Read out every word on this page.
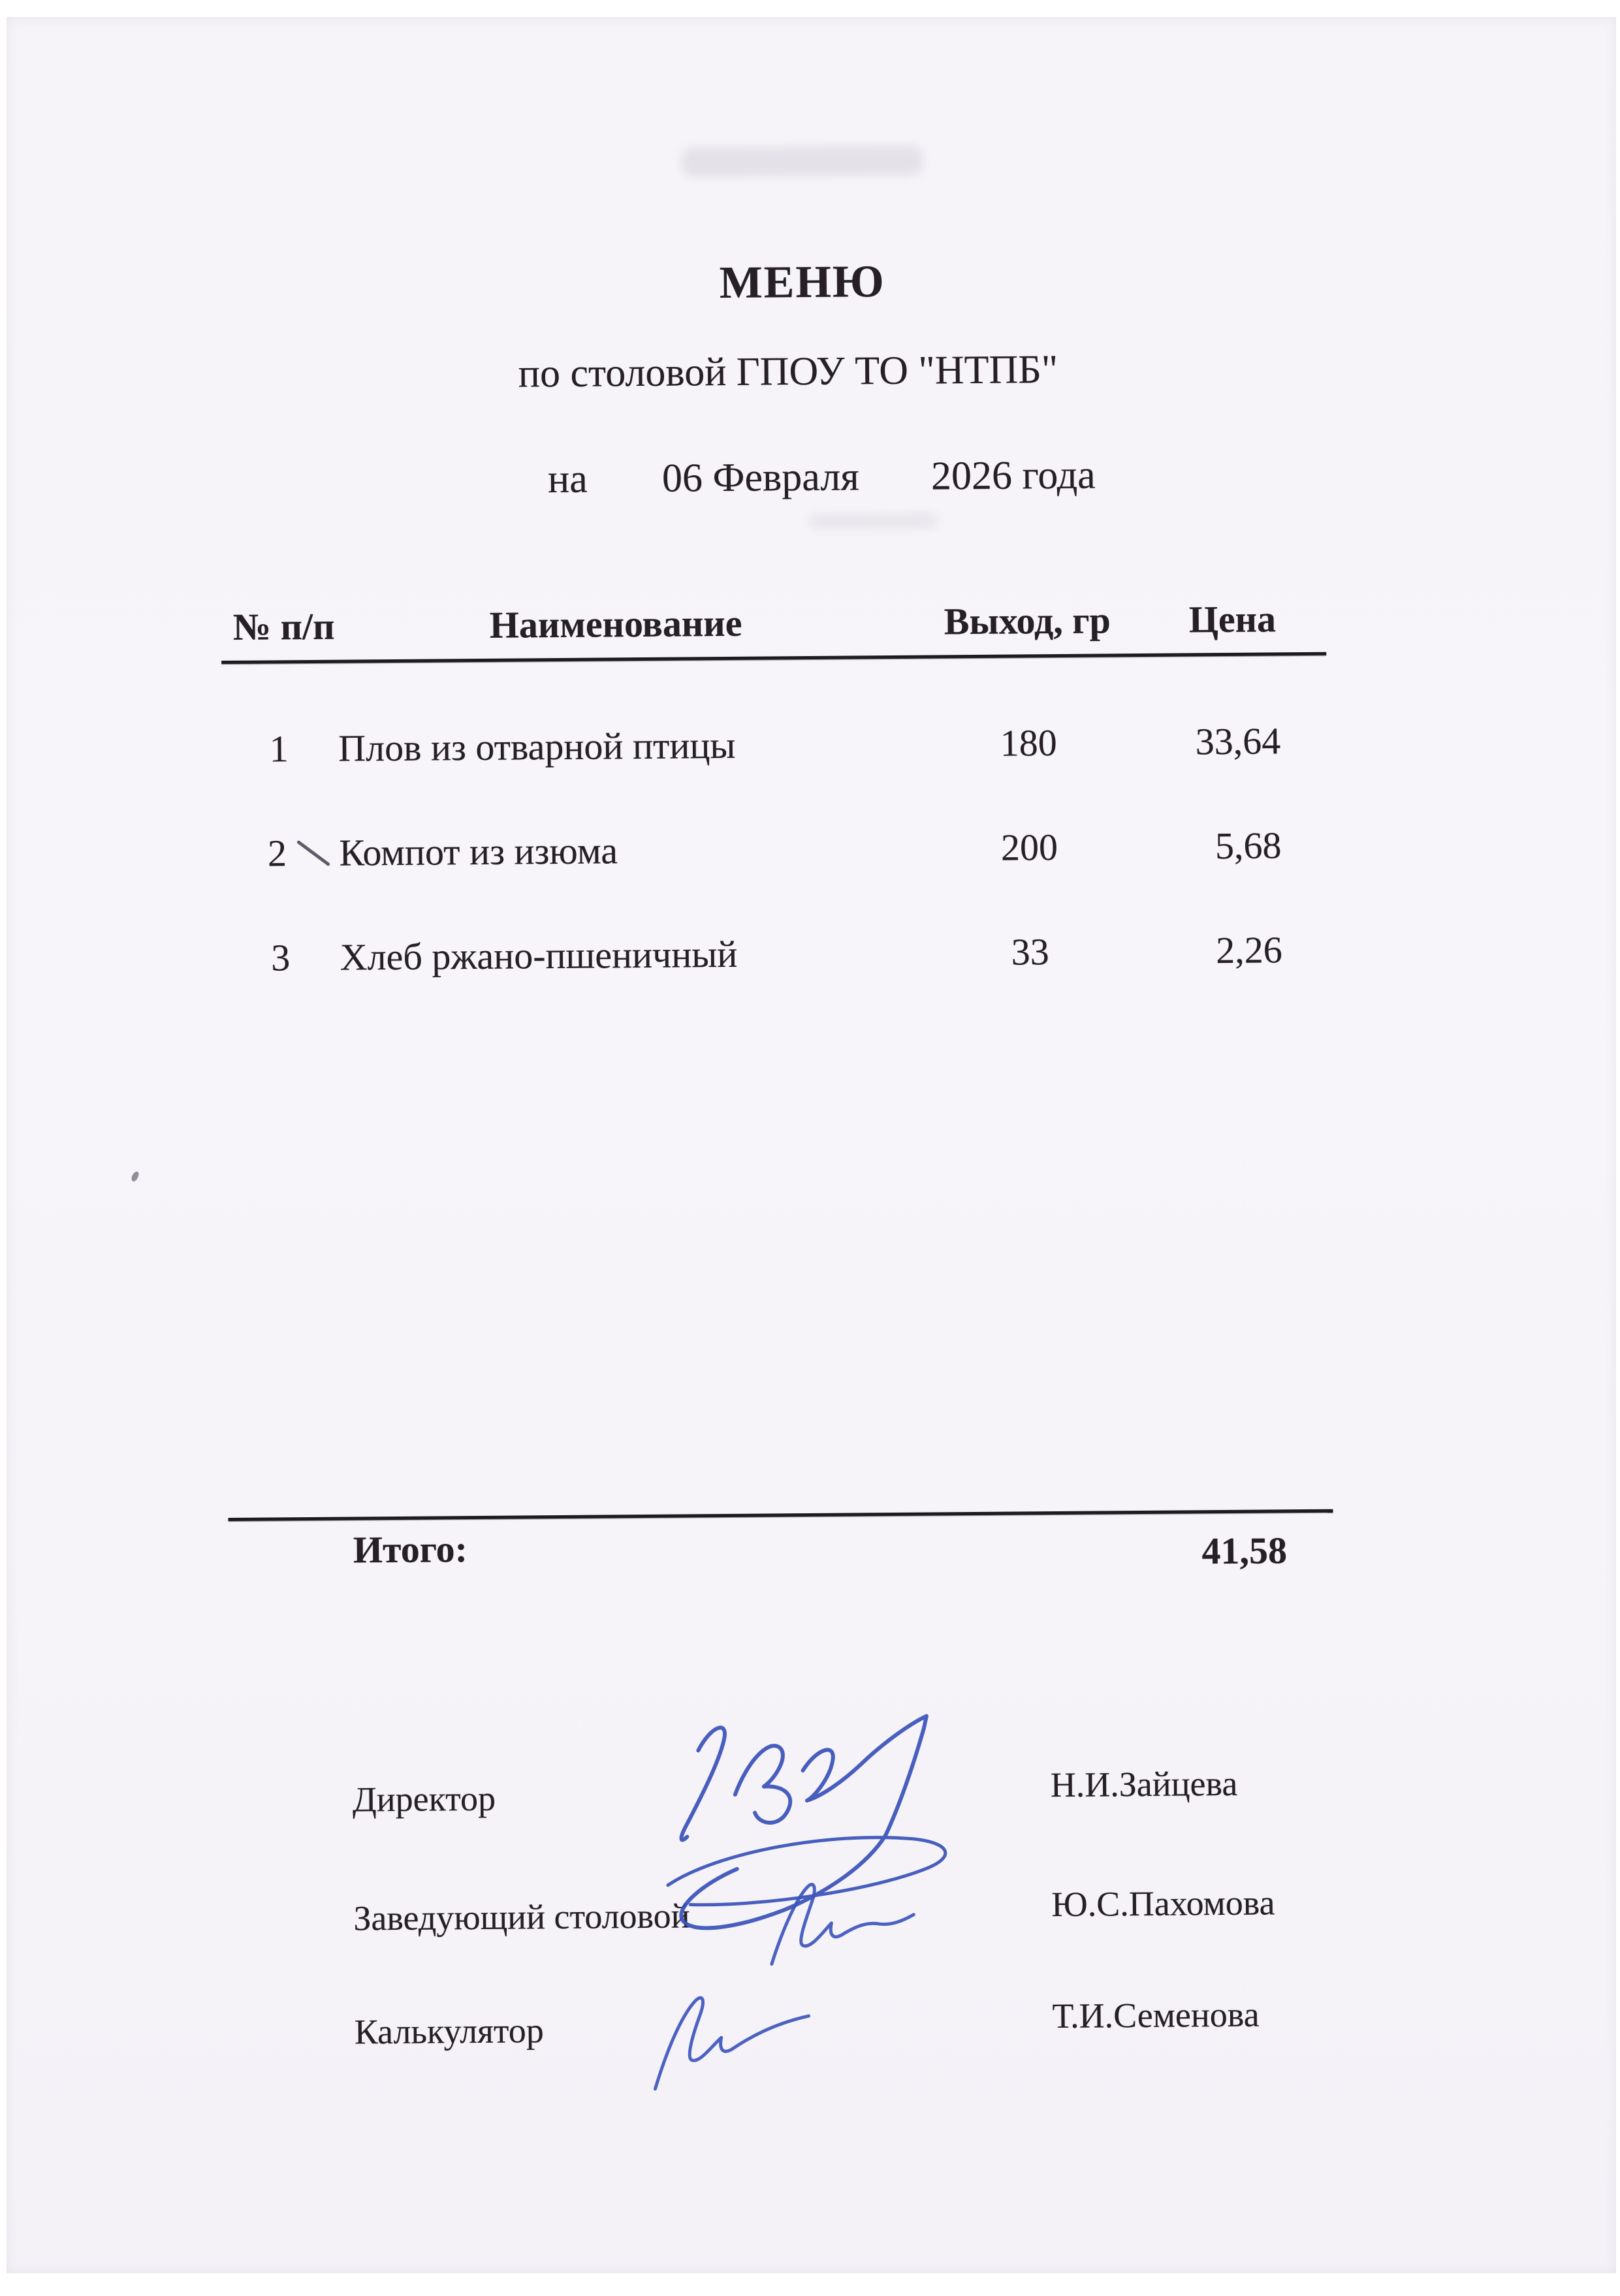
МЕНЮ
по столовой ГПОУ ТО "НТПБ"
на 06 Февраля 2026 года
№ п/п	Наименование	Выход, гр Цена
1 Плов из отварной птицы	180	33,64
2 Компот из изюма	200	5,68
3 Хлеб ржано-пшеничный	33	2,26
Итого:	41,58
Директор	Н.И.Зайцева
Заведующий столовой	Ю.С.Пахомова
Калькулятор	Т.И.Семенова
